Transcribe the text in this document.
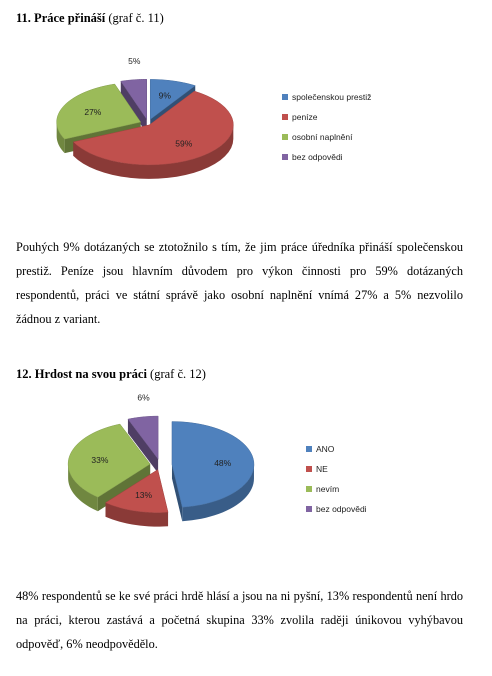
11. Práce přináší (graf č. 11)
9%
59%
27%
5%
společenskou prestiž
peníze
osobní naplnění
bez odpovědi

Pouhých 9% dotázaných se ztotožnilo s tím, že jim práce úředníka přináší společenskou prestiž. Peníze jsou hlavním důvodem pro výkon činnosti pro 59% dotázaných respondentů, práci ve státní správě jako osobní naplnění vnímá 27% a 5% nezvolilo žádnou z variant.

12. Hrdost na svou práci (graf č. 12)
48%
13%
33%
6%
ANO
NE
nevím
bez odpovědi

48% respondentů se ke své práci hrdě hlásí a jsou na ni pyšní, 13% respondentů není hrdo na práci, kterou zastává a početná skupina 33% zvolila raději únikovou vyhýbavou odpověď, 6% neodpovědělo.
